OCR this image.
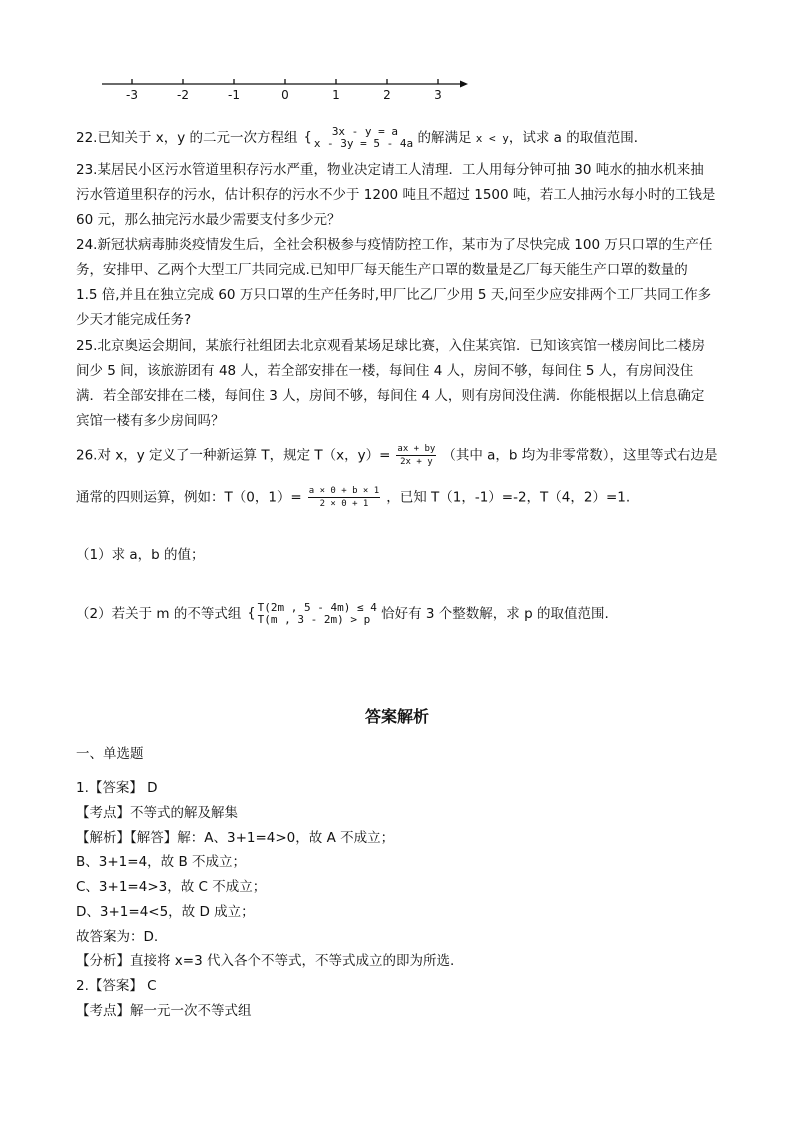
-3	-2	-1	0	1	2	3
22.已知关于 x，y 的二元一次方程组 {	3x - y = a
x - 3y = 5 - 4a 的解满足 x < y，试求 a 的取值范围．
23.某居民小区污水管道里积存污水严重，物业决定请工人清理．工人用每分钟可抽 30 吨水的抽水机来抽
污水管道里积存的污水，估计积存的污水不少于 1200 吨且不超过 1500 吨，若工人抽污水每小时的工钱是
60 元，那么抽完污水最少需要支付多少元？
24.新冠状病毒肺炎疫情发生后，全社会积极参与疫情防控工作，某市为了尽快完成 100 万只口罩的生产任
务，安排甲、乙两个大型工厂共同完成.已知甲厂每天能生产口罩的数量是乙厂每天能生产口罩的数量的
1.5 倍,并且在独立完成 60 万只口罩的生产任务时,甲厂比乙厂少用 5 天,问至少应安排两个工厂共同工作多
少天才能完成任务?
25.北京奥运会期间，某旅行社组团去北京观看某场足球比赛，入住某宾馆．已知该宾馆一楼房间比二楼房
间少 5 间，该旅游团有 48 人，若全部安排在一楼，每间住 4 人，房间不够，每间住 5 人，有房间没住
满．若全部安排在二楼，每间住 3 人，房间不够，每间住 4 人，则有房间没住满．你能根据以上信息确定
宾馆一楼有多少房间吗？
26.对 x，y 定义了一种新运算 T，规定 T（x，$y)= \frac{ax + by}{2x + y}$ （其中 a，b 均为非零常数），这里等式右边是
通常的四则运算，例如：T（0，$1)= \frac{a \times 0 + b \times 1}{2 \times 0 + 1}$ ，已知 T（1，-1）=-2，T（4，2）=1.
（1）求 a，b 的值；
（2）若关于 m 的不等式组 { T(2m , 5 - 4m) ≤ 4
T(m , 3 - 2m) > p 恰好有 3 个整数解，求 p 的取值范围.
答案解析
一、单选题
1.【答案】 D
【考点】不等式的解及解集
【解析】【解答】解：A、3+1=4>0，故 A 不成立；
B、3+1=4，故 B 不成立；
C、3+1=4>3，故 C 不成立；
D、3+1=4<5，故 D 成立；
故答案为：D.
【分析】直接将 x=3 代入各个不等式，不等式成立的即为所选.
2.【答案】 C
【考点】解一元一次不等式组
